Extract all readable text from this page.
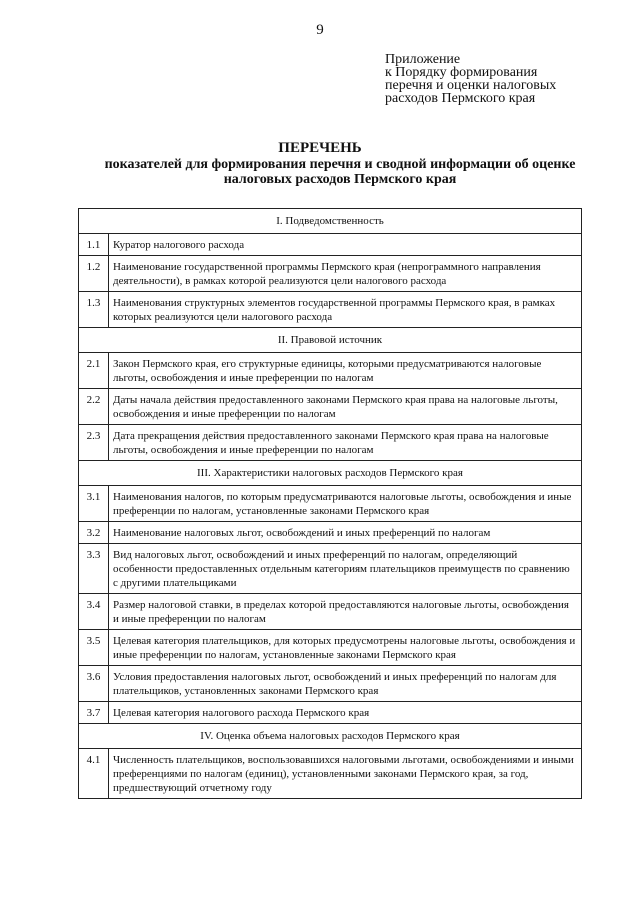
9
Приложение
к Порядку формирования
перечня и оценки налоговых
расходов Пермского края
ПЕРЕЧЕНЬ
показателей для формирования перечня и сводной информации об оценке
налоговых расходов Пермского края
I. Подведомственность	
1.1	Куратор налогового расхода
1.2	Наименование государственной программы Пермского края (непрограммного направления деятельности), в рамках которой реализуются цели налогового расхода
1.3	Наименования структурных элементов государственной программы Пермского края, в рамках которых реализуются цели налогового расхода
II. Правовой источник	
2.1	Закон Пермского края, его структурные единицы, которыми предусматриваются налоговые льготы, освобождения и иные преференции по налогам
2.2	Даты начала действия предоставленного законами Пермского края права на налоговые льготы, освобождения и иные преференции по налогам
2.3	Дата прекращения действия предоставленного законами Пермского края права на налоговые льготы, освобождения и иные преференции по налогам
III. Характеристики налоговых расходов Пермского края	
3.1	Наименования налогов, по которым предусматриваются налоговые льготы, освобождения и иные преференции по налогам, установленные законами Пермского края
3.2	Наименование налоговых льгот, освобождений и иных преференций по налогам
3.3	Вид налоговых льгот, освобождений и иных преференций по налогам, определяющий особенности предоставленных отдельным категориям плательщиков преимуществ по сравнению с другими плательщиками
3.4	Размер налоговой ставки, в пределах которой предоставляются налоговые льготы, освобождения и иные преференции по налогам
3.5	Целевая категория плательщиков, для которых предусмотрены налоговые льготы, освобождения и иные преференции по налогам, установленные законами Пермского края
3.6	Условия предоставления налоговых льгот, освобождений и иных преференций по налогам для плательщиков, установленных законами Пермского края
3.7	Целевая категория налогового расхода Пермского края
IV. Оценка объема налоговых расходов Пермского края	
4.1	Численность плательщиков, воспользовавшихся налоговыми льготами, освобождениями и иными преференциями по налогам (единиц), установленными законами Пермского края, за год, предшествующий отчетному году
